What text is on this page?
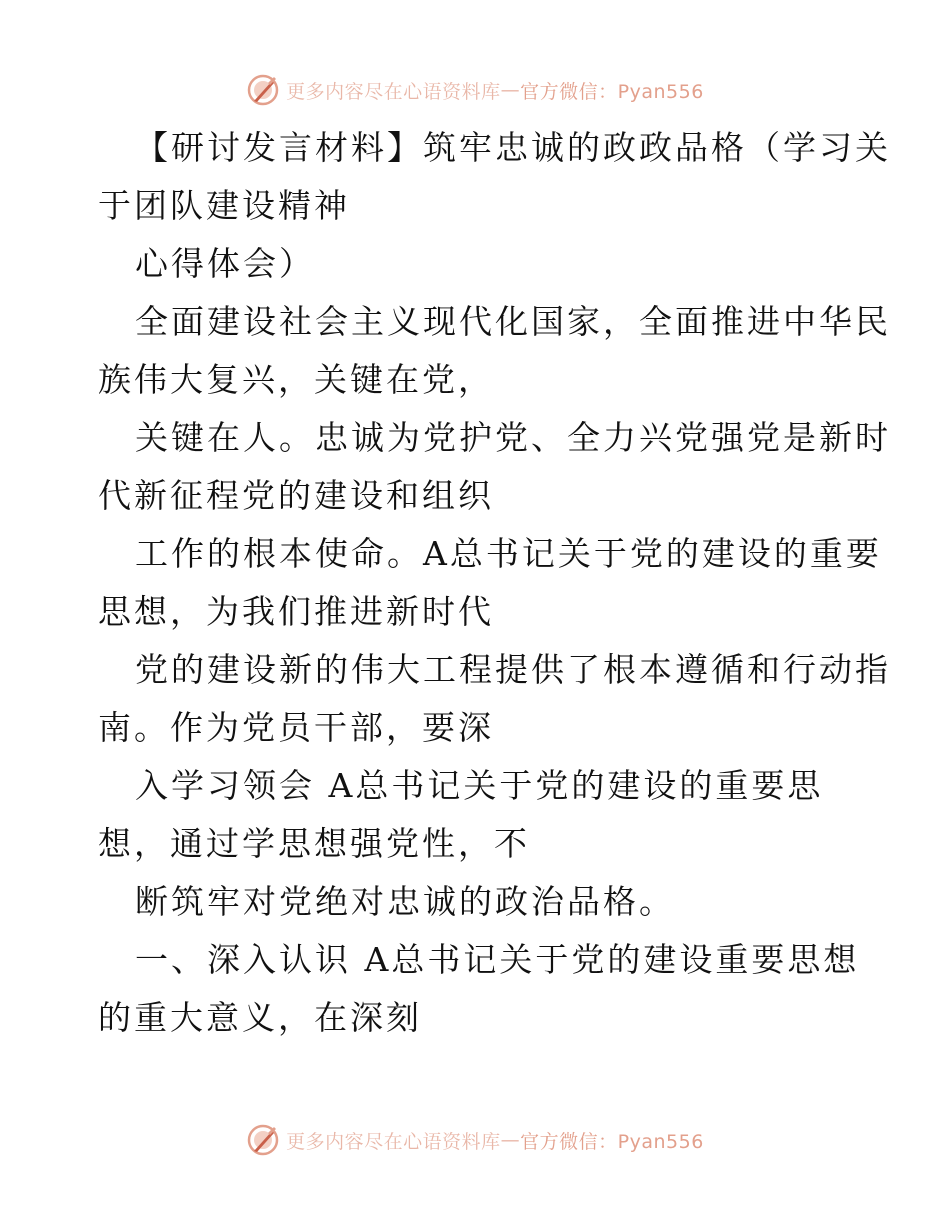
更多内容尽在心语资料库 — 官方微信：Pyan556
【研讨发言材料】筑牢忠诚的政政品格（学习关
于团队建设精神
心得体会）
全面建设社会主义现代化国家，全面推进中华民
族伟大复兴，关键在党，
关键在人。忠诚为党护党、全力兴党强党是新时
代新征程党的建设和组织
工作的根本使命。A总书记关于党的建设的重要
思想，为我们推进新时代
党的建设新的伟大工程提供了根本遵循和行动指
南。作为党员干部，要深
入学习领会 A总书记关于党的建设的重要思
想，通过学思想强党性，不
断筑牢对党绝对忠诚的政治品格。
一、深入认识 A总书记关于党的建设重要思想
的重大意义，在深刻
更多内容尽在心语资料库 — 官方微信：Pyan556
